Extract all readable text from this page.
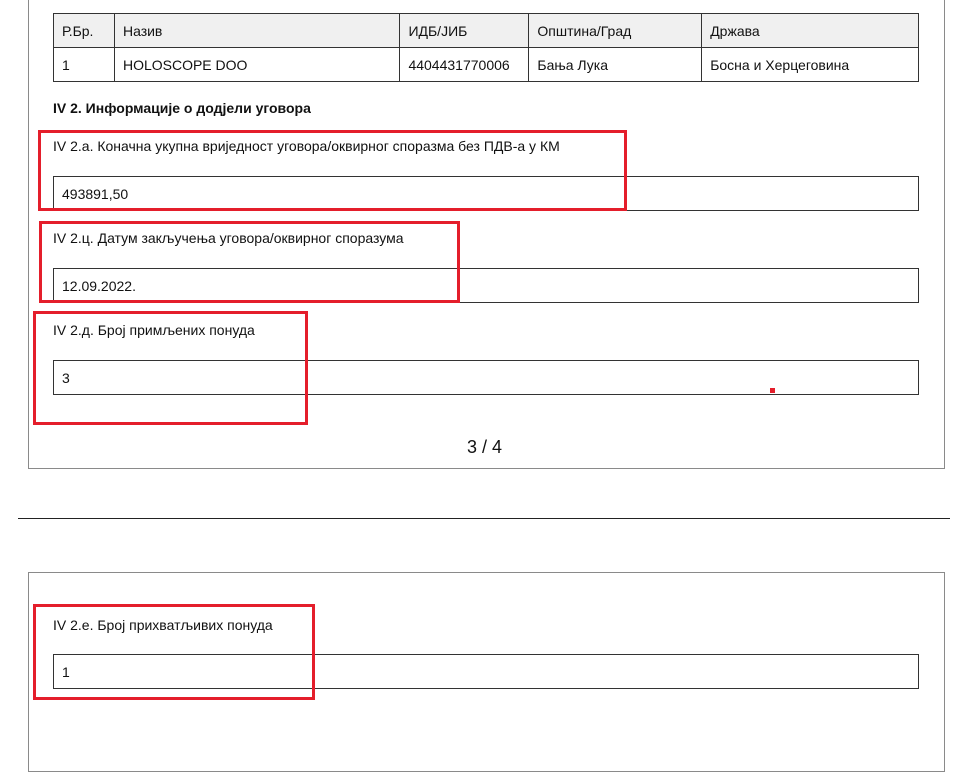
Р.Бр.	Назив	ИДБ/ЈИБ	Општина/Град	Држава
1	HOLOSCOPE DOO	4404431770006	Бања Лука	Босна и Херцеговина
IV 2. Информације о додјели уговора
IV 2.а. Коначна укупна вриједност уговора/оквирног споразма без ПДВ-а у КМ
493891,50
IV 2.ц. Датум закључења уговора/оквирног споразума
12.09.2022.
IV 2.д. Број примљених понуда
3
3 / 4
IV 2.е. Број прихватљивих понуда
1
